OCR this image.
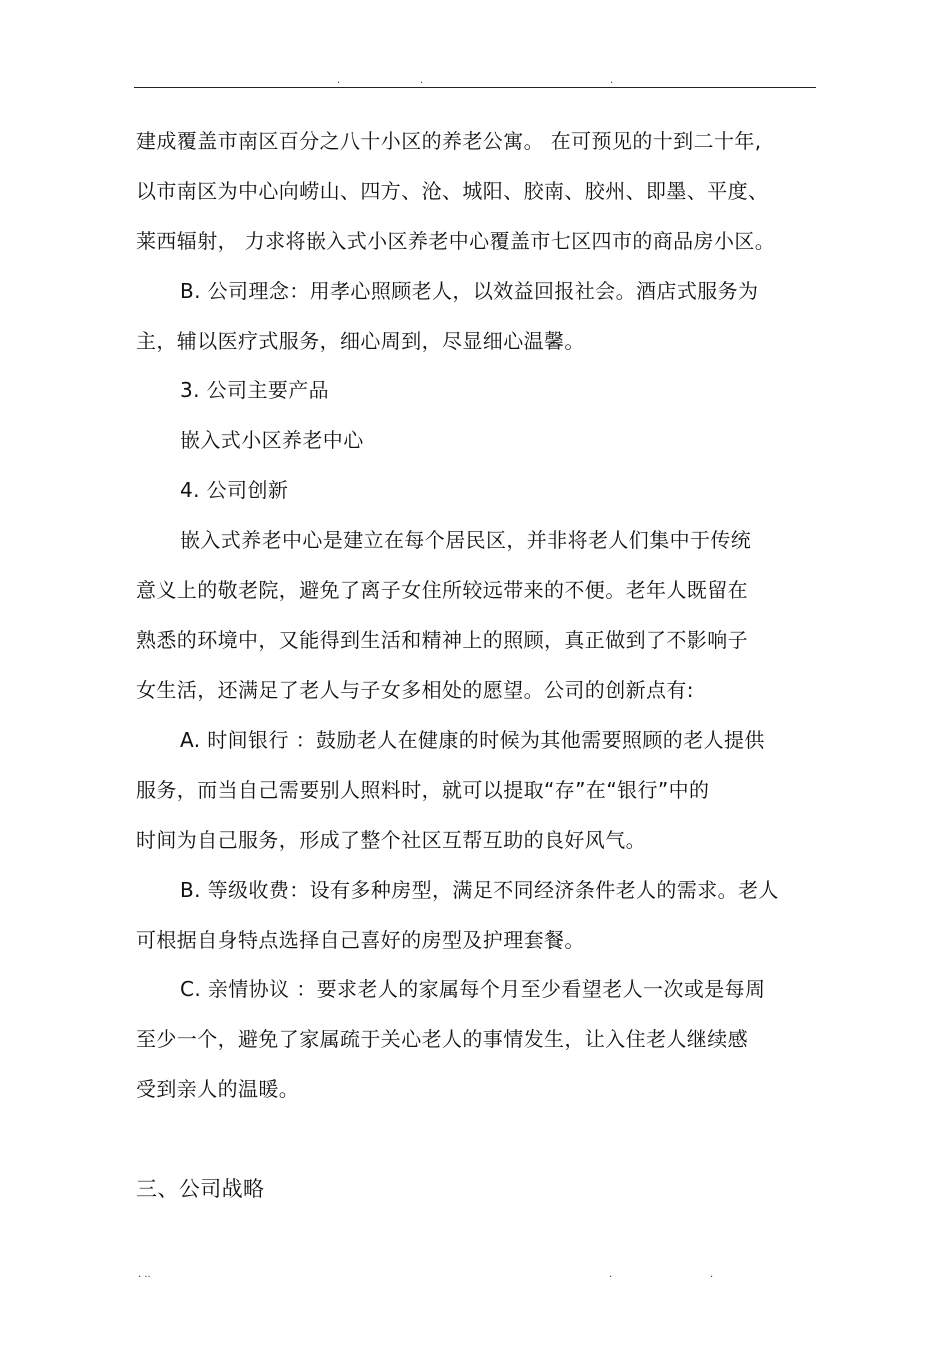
.	.	.
建成覆盖市南区百分之八十小区的养老公寓。 在可预见的十到二十年,
以市南区为中心向崂山、四方、沧、城阳、胶南、胶州、即墨、平度、
莱西辐射， 力求将嵌入式小区养老中心覆盖市七区四市的商品房小区。
B. 公司理念：用孝心照顾老人，以效益回报社会。酒店式服务为
主，辅以医疗式服务，细心周到，尽显细心温馨。
3. 公司主要产品
嵌入式小区养老中心
4. 公司创新
嵌入式养老中心是建立在每个居民区，并非将老人们集中于传统
意义上的敬老院，避免了离子女住所较远带来的不便。老年人既留在
熟悉的环境中，又能得到生活和精神上的照顾，真正做到了不影响子
女生活，还满足了老人与子女多相处的愿望。公司的创新点有:
A. 时间银行 ：鼓励老人在健康的时候为其他需要照顾的老人提供
服务，而当自己需要别人照料时，就可以提取“存”在“银行”中的
时间为自己服务，形成了整个社区互帮互助的良好风气。
B. 等级收费：设有多种房型，满足不同经济条件老人的需求。老人
可根据自身特点选择自己喜好的房型及护理套餐。
C. 亲情协议 ：要求老人的家属每个月至少看望老人一次或是每周
至少一个，避免了家属疏于关心老人的事情发生，让入住老人继续感
受到亲人的温暖。
三、公司战略
. ..	.	.
